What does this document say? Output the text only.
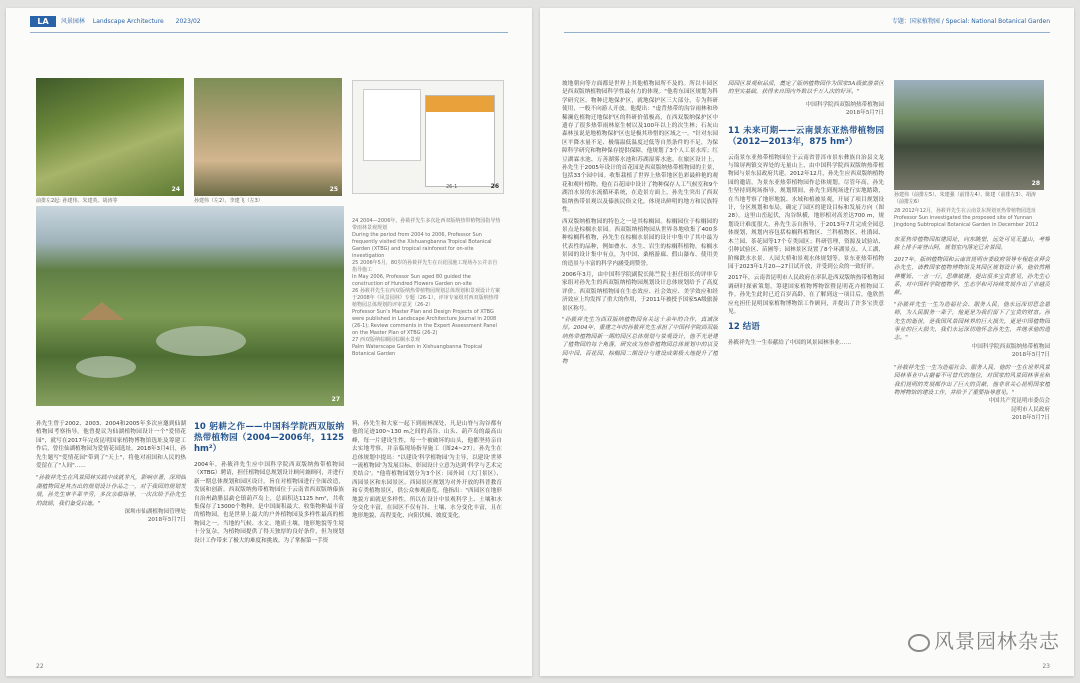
LA 风景园林 Landscape Architecture 2023/02
24
前排左2起: 孙建伟、朱建英、胡涛等
25
孙建伟（左2）、李建飞（左3）
26
26-1
27
24 2004—2006年，孙筱祥先生多次赴西双版纳热带植物园指导热带雨林景观规划
During the period from 2004 to 2006, Professor Sun frequently visited the Xishuangbanna Tropical Botanical Garden (XTBG) and tropical rainforest for on-site investigation
25 2006年5月，80岁的孙筱祥先生在百花园施工现场办公并亲自指导施工
In May 2006, Professor Sun aged 80 guided the construction of Hundred Flowers Garden on-site
26 孙筱祥先生在西双版纳热带植物园规划总体规划和景观设计方案于2008年《风景园林》专题（26-1），评审专家组对西双版纳热带植物园总体规划的评审意见（26-2）
Professor Sun's Master Plan and Design Projects of XTBG were published in Landscape Architecture Journal in 2008 (26-1); Review comments in the Expert Assessment Panel on the Master Plan of XTBG (26-2)
27 西双版纳棕榈园棕榈水景观
Palm Waterscape Garden in Xishuangbanna Tropical Botanical Garden
孙先生曾于2002、2003、2004和2005年多次应邀到仙湖植物园考察指导。他曾提议为仙湖植物园设计一个"爱情花园"，就写在2017年完成昆明国家植物博物馆选址及筹建工作后，曾往仙湖植物园为爱情花园选址。2018年3月4日，孙先生题写"爱情花园"带到了"天上"，将他对祖国和人民的热爱留在了"人间"……
"孙筱祥先生在风景园林实践中成就非凡，影响卓著，深圳仙湖植物园是其杰出的规划设计作品之一，对于我园的规划发展，孙先生审半辈辛劳，多次亲临指导，一次次给予孙先生的鼓励，我们备受启迪。"
深圳市仙湖植物园管理处
2018年5月7日
10 躬耕之作——中国科学院西双版纳热带植物园（2004—2006年，1125 hm²）
2004年，孙筱祥先生应中国科学院西双版纳热带植物园（XTBG）聘请，担任植物园总规划设计顾问兼顾问，并进行新一期总体规划和园区设计。旨在对植物园进行全面改造，发展和创新。西双版纳热带植物园位于云南省西双版纳傣族自治州勐腊县勐仑镇葫芦岛上，总面积达1125 hm²，共收集保存了13000个物种，是中国面积最大、收集物种最丰富的植物园，也是世界上最大的户外植物园及多样性最高的植物园之一。当地的气候、水文、地质土壤，地形地貌等生境十分复杂，为植物园提供了得天独厚的良好条件，但为规划设计工作带来了极大的难度和挑战。为了掌握第一手资
料，孙先生和大家一起下到雨林深处，凡是山脊与沟谷都有他的足迹100~130 m之间的高谷、山头、葫芦岛的最高山峰，每一片建设生性，每一个被破坏的山头，他都坚持亲自去实地考察，并亲临现场指导施工（图24~27）。孙先生在总体规划中提出："以建设'科学植物园'为主导，以建设'世界一流植物园'为发展目标，彰园设计立意为达到'科学与艺术完美结合'。"他将植物园划分为3个区：园外园（大门景区）、西园景区和东园景区。西园景区规划为对外开放的科普教育和专类植物景区，供公众参观游览。他指出："西园区在地形地貌方面就是多样性，所以在设计中景观科学上、土壤和水分交化丰富，在园区不仅有谷、土壤、水分变化丰富，且在地形地貌、高程变化、向阳伏倾、坡度变化。
22
专题：国家植物园 / Special: National Botanical Garden
坡地朝向等方面都是世界上其他植物园所不及的。所以丰园区是西双版纳植物园科学性最有力的体现。"他将东园区规划为科学研究区、物种迁地保护区，就地保护区三大部分，专为科研使用，一般不向游人开放。他提出："虚背热带的沟谷雨林和珍稀濒危植物迁地保护区的科研价值极高，在西双版纳保护区中遗存了很多热带雨林原生树以及100年以上的次生林；石灰山森林虽说是地植物保护区也是极其珍惜的区域之一。"针对东园区平降水量不足、极端温低温度过低等自然条件的不足，为保障科学研究和物种保存提供保障，他规划了3个人工景水库；红豆湖霖水池、万善湖雾水池和苏湖湿雾水池。在旅区设计上，孙先生于2005年设计的首花园是西双版纳热带植物园的主景，包括33个园中园。收集栽植了世界上热带地区色彩最鲜艳的观花和观叶植物。他在百花园中设计了物种保存人工气候室和9个湖泊水景的水流循环系统，在造景方面上，孙先生突出了西双版纳热带景观以及傣族民俗文化，体现出鲜明的地方和民族特性。
西双版纳植物园的特色之一是其棕榈园。棕榈园位于棕榈园的景点是棕榈水景园。西双版纳植物园从世界各地收集了400多种棕榈科植物，孙先生在棕榈水景园的设计中集中了其中最为代表性的品种，例如叠水、水生、岩生的棕榈科植物，棕榈水景园的设计集中有点，为中国、桑榕游廊、假山瀑布、使用美的造景与丰富的科学内涵受到赞誉。
2006年3月，由中国科学院副院长陈竺院士担任组长的评审专家组对孙先生的西双版纳植物园规划设计总体规划给予了高度评价。西双版纳植物园在生态效应、社会效应、美学效应和经济效应上均发挥了重大的作用，于2011年被授予国家5A级旅游景区称号。
"孙筱祥先生为西双版纳植物园有关这十余年的合作，真诚深厚。2004年，重建之年的孙筱祥先生承担了中国科学院西双版纳热带植物园新一期的园区总体规划与景观设计，他不光是建了植物园的每个角落，研究成为热带植物园总体规划中的以及园中园、百花园、棕榈园二期设计与建设成果极大地提升了植物
园园区景观和品质，奠定了版纳植物园作为国家5A级旅游景区的坚实基础，获得来自国内外数以千万人次的好评。"
中国科学院西双版纳热带植物园
2018年5月7日
11 未来可期——云南景东亚热带植物园（2012—2013年，875 hm²）
云南景东亚热带植物园位于云南省普洱市景东彝族自治县文龙与锦屏两镇交界处的无量山上，由中国科学院西双版纳热带植物园与景东县政府共建。2012年12月，孙先生应西双版纳植物园的邀请，为景东亚热带植物园作总体规划。尽管年高，孙先生坚持到现场指导，规划期间，孙先生到现场进行实地踏勘，在当地考察了地形地貌、水域和植被景观，开展了项目规划设计，分区规划和布局，确定了园区的建设目标和发展方向（图28）。这里山峦起伏，沟谷纵横，地形相对高差达700 m，规划设计难度很大。孙先生亲自指导，于2013年7月完成全园总体规划，规划内容包括棕榈科植物区、兰科植物区、杜鹃园、木兰园、茶花园等17个专类园区；科研管理，资源及试验站、引种试验区、苗圃等；园林景区设置了8个环湖景点、人工湖、阶梯跌水水景、人园大桥和景观水体规划等。景东亚热带植物园于2023年1月20—27日试开放，并受到公众的一致好评。
2017年，云南省昆明市人民政府在率队赴西双版纳热带植物园调研时探索策划，筹建国家植物博物馆暨昆明花卉植物园工作。孙先生此时已近百岁高龄，在了解到这一项目后，他欣然应允担任昆明国家植物博物馆工作顾问，并提出了许多宝贵意见。
12 结语
孙筱祥先生一生奉献给了中国的风景园林事业……
28
孙建伟（前排左5）、朱建强（前排左4）、陈建（前排左3）、胡涛（前排左6）
28 2012年12月，孙筱祥先生在云南景东规划亚热带植物园选址
Professor Sun investigated the proposed site of Yunnan Jingdong Subtropical Botanical Garden in December 2012
东亚热带植物园拟建园址，向东眺望，远处可见无量山，考察路上排手寄登山阿，规划室内落定已舍景园。
2017年，版纳植物园和云南省昆明市委政府领导专程赴京拜会孙先生，请教国家植物博物馆及其园区规划设计事，他依然精神矍铄，一言一行，思维敏捷，提出很多宝贵意见，孙先生心系，对中国科学院植物学、生态学和可持续发展作出了卓越贡献。
"孙筱祥先生一生为造福社会、服务人民，他永远深切思念恩师，为人民服务一辈子，他更是为我们留下了宝贵的财富。孙先生的逝世，是我国风景园林界的巨大损失，更是中国植物园事业的巨大损失，我们永远深切地怀念孙先生，并继承他的遗志。"
中国科学院西双版纳热带植物园
2018年5月7日
"孙筱祥先生一生为造福社会、服务人民，他的一生在世界风景园林事业中占据着不可替代的地位，对国家的风景园林事业和我们昆明的发展都作出了巨大的贡献，他非常关心昆明国家植物博物馆的建设工作，并给予了重要指导意见。"
中国共产党昆明市委员会
昆明市人民政府
2018年5月7日
风景园林杂志
23
